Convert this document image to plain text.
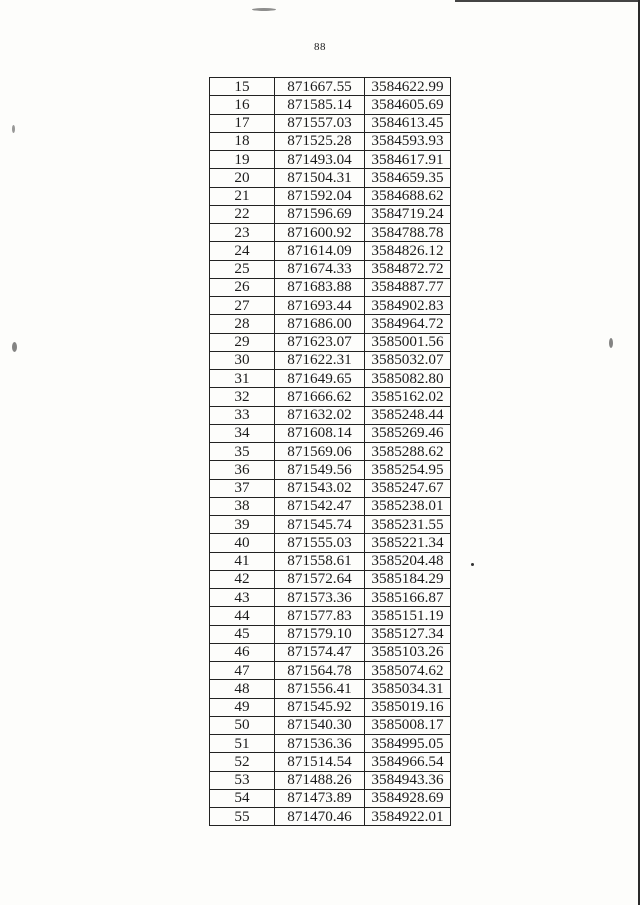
88
15	871667.55	3584622.99
16	871585.14	3584605.69
17	871557.03	3584613.45
18	871525.28	3584593.93
19	871493.04	3584617.91
20	871504.31	3584659.35
21	871592.04	3584688.62
22	871596.69	3584719.24
23	871600.92	3584788.78
24	871614.09	3584826.12
25	871674.33	3584872.72
26	871683.88	3584887.77
27	871693.44	3584902.83
28	871686.00	3584964.72
29	871623.07	3585001.56
30	871622.31	3585032.07
31	871649.65	3585082.80
32	871666.62	3585162.02
33	871632.02	3585248.44
34	871608.14	3585269.46
35	871569.06	3585288.62
36	871549.56	3585254.95
37	871543.02	3585247.67
38	871542.47	3585238.01
39	871545.74	3585231.55
40	871555.03	3585221.34
41	871558.61	3585204.48
42	871572.64	3585184.29
43	871573.36	3585166.87
44	871577.83	3585151.19
45	871579.10	3585127.34
46	871574.47	3585103.26
47	871564.78	3585074.62
48	871556.41	3585034.31
49	871545.92	3585019.16
50	871540.30	3585008.17
51	871536.36	3584995.05
52	871514.54	3584966.54
53	871488.26	3584943.36
54	871473.89	3584928.69
55	871470.46	3584922.01
